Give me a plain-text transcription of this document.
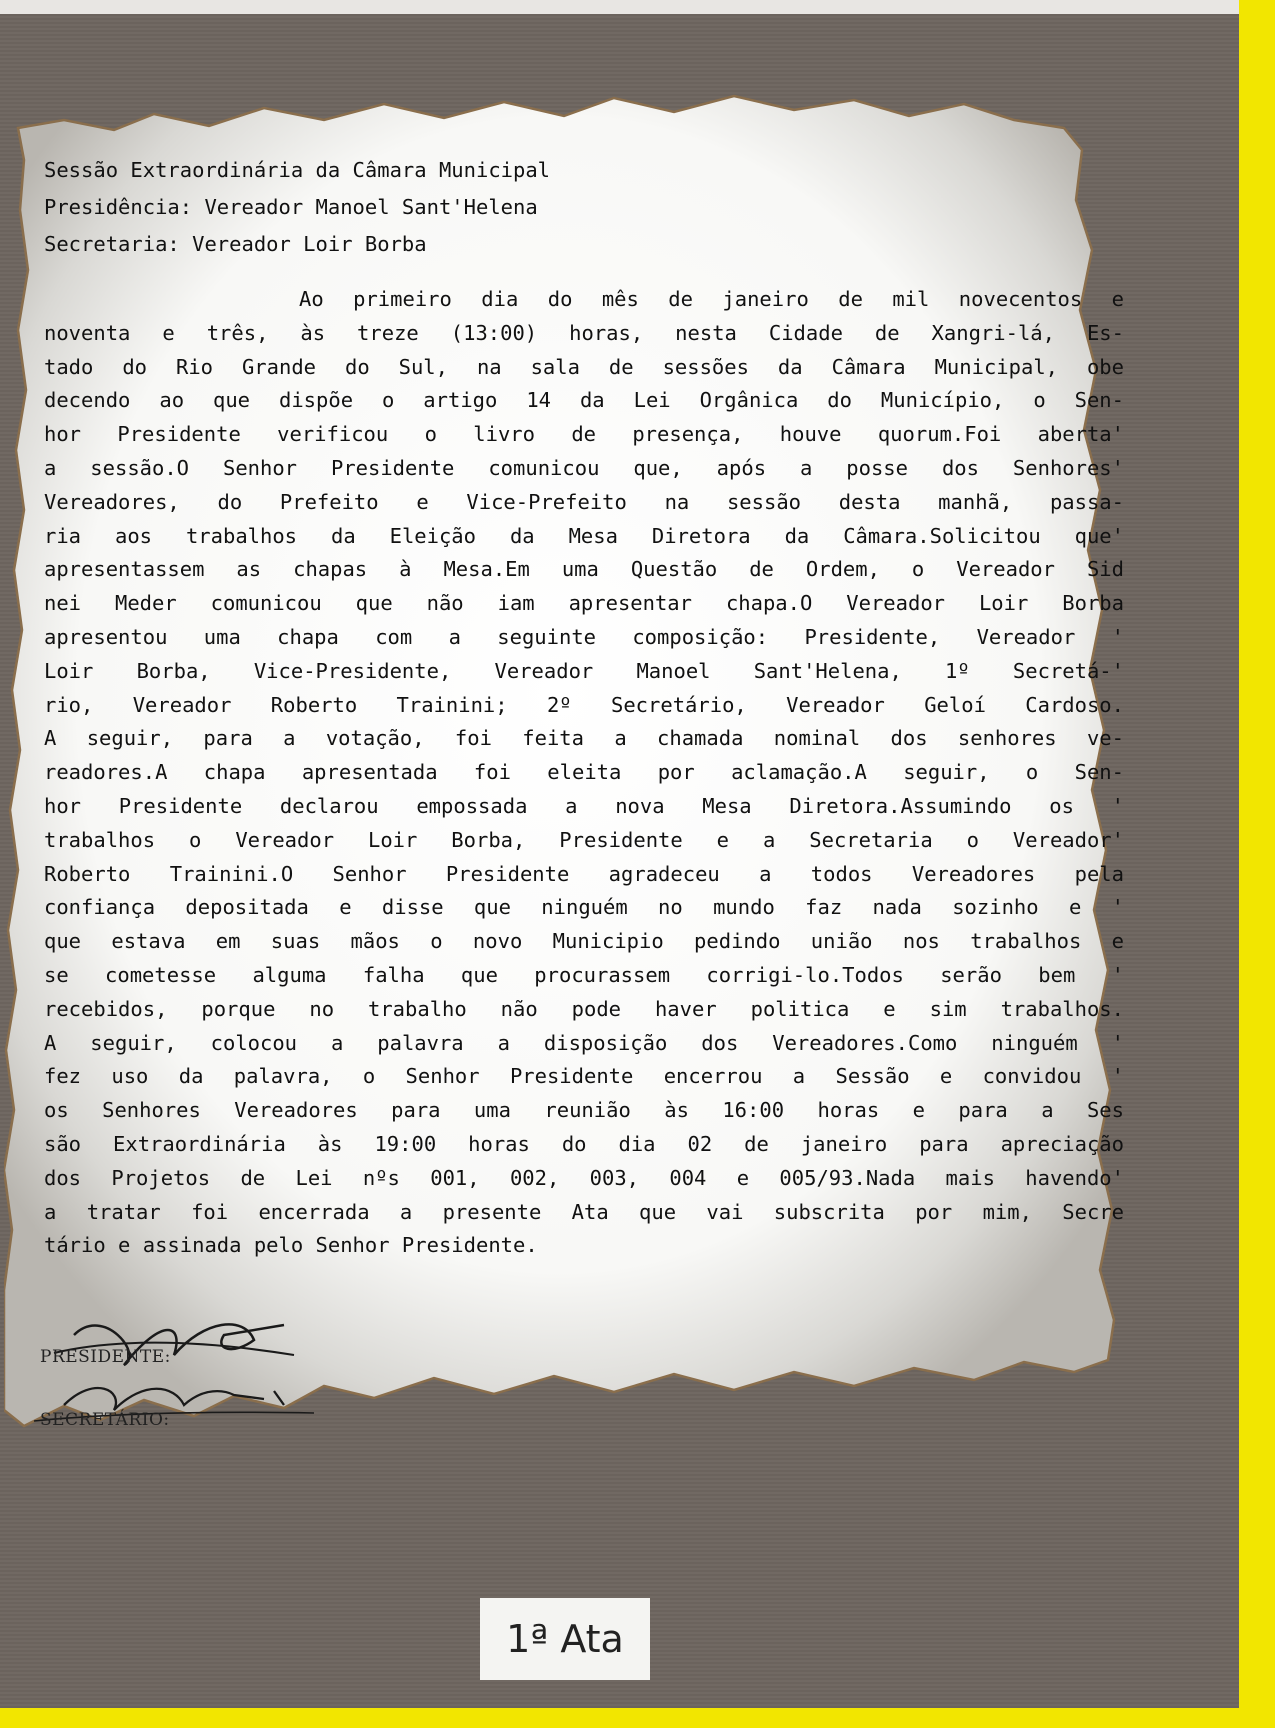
Sessão Extraordinária da Câmara Municipal
Presidência: Vereador Manoel Sant'Helena
Secretaria: Vereador Loir Borba
Ao primeiro dia do mês de janeiro de mil novecentos e
noventa e três, às treze (13:00) horas, nesta Cidade de Xangri-lá, Es-
tado do Rio Grande do Sul, na sala de sessões da Câmara Municipal, obe
decendo ao que dispõe o artigo 14 da Lei Orgânica do Município, o Sen-
hor Presidente verificou o livro de presença, houve quorum.Foi aberta'
a sessão.O Senhor Presidente comunicou que, após a posse dos Senhores'
Vereadores, do Prefeito e Vice-Prefeito na sessão desta manhã, passa-
ria aos trabalhos da Eleição da Mesa Diretora da Câmara.Solicitou que'
apresentassem as chapas à Mesa.Em uma Questão de Ordem, o Vereador Sid
nei Meder comunicou que não iam apresentar chapa.O Vereador Loir Borba
apresentou uma chapa com a seguinte composição: Presidente, Vereador '
Loir Borba, Vice-Presidente, Vereador Manoel Sant'Helena, 1º Secretá-'
rio, Vereador Roberto Trainini; 2º Secretário, Vereador Geloí Cardoso.
A seguir, para a votação, foi feita a chamada nominal dos senhores ve-
readores.A chapa apresentada foi eleita por aclamação.A seguir, o Sen-
hor Presidente declarou empossada a nova Mesa Diretora.Assumindo os '
trabalhos o Vereador Loir Borba, Presidente e a Secretaria o Vereador'
Roberto Trainini.O Senhor Presidente agradeceu a todos Vereadores pela
confiança depositada e disse que ninguém no mundo faz nada sozinho e '
que estava em suas mãos o novo Municipio pedindo união nos trabalhos e
se cometesse alguma falha que procurassem corrigi-lo.Todos serão bem '
recebidos, porque no trabalho não pode haver politica e sim trabalhos.
A seguir, colocou a palavra a disposição dos Vereadores.Como ninguém '
fez uso da palavra, o Senhor Presidente encerrou a Sessão e convidou '
os Senhores Vereadores para uma reunião às 16:00 horas e para a Ses
são Extraordinária às 19:00 horas do dia 02 de janeiro para apreciação
dos Projetos de Lei nºs 001, 002, 003, 004 e 005/93.Nada mais havendo'
a tratar foi encerrada a presente Ata que vai subscrita por mim, Secre
tário e assinada pelo Senhor Presidente.
PRESIDENTE:
SECRETÁRIO:
1ª Ata
